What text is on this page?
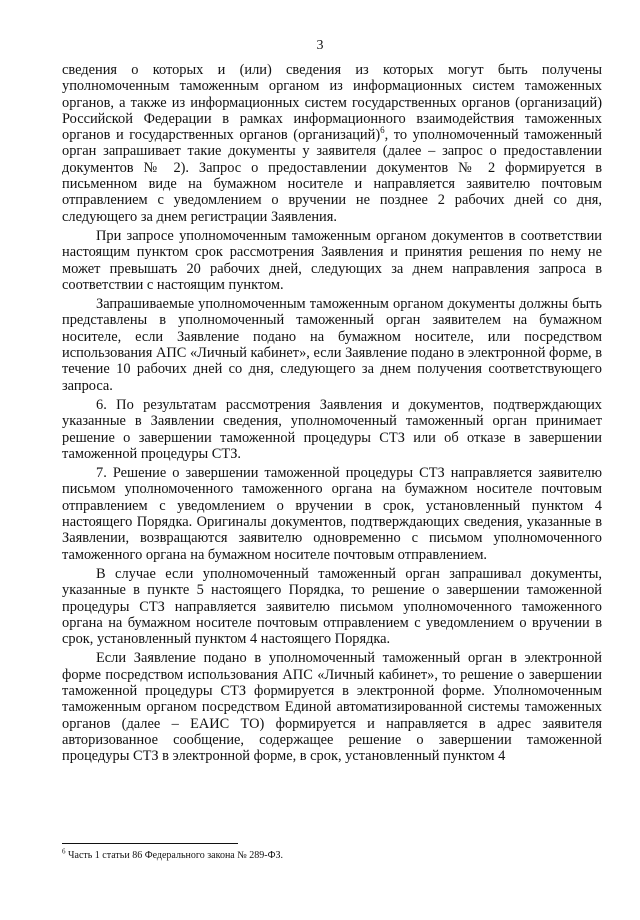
3

сведения о которых и (или) сведения из которых могут быть получены уполномоченным таможенным органом из информационных систем таможенных органов, а также из информационных систем государственных органов (организаций) Российской Федерации в рамках информационного взаимодействия таможенных органов и государственных органов (организаций)$^6$, то уполномоченный таможенный орган запрашивает такие документы у заявителя (далее – запрос о предоставлении документов № 2). Запрос о предоставлении документов № 2 формируется в письменном виде на бумажном носителе и направляется заявителю почтовым отправлением с уведомлением о вручении не позднее 2 рабочих дней со дня, следующего за днем регистрации Заявления.

При запросе уполномоченным таможенным органом документов в соответствии настоящим пунктом срок рассмотрения Заявления и принятия решения по нему не может превышать 20 рабочих дней, следующих за днем направления запроса в соответствии с настоящим пунктом.

Запрашиваемые уполномоченным таможенным органом документы должны быть представлены в уполномоченный таможенный орган заявителем на бумажном носителе, если Заявление подано на бумажном носителе, или посредством использования АПС «Личный кабинет», если Заявление подано в электронной форме, в течение 10 рабочих дней со дня, следующего за днем получения соответствующего запроса.

6. По результатам рассмотрения Заявления и документов, подтверждающих указанные в Заявлении сведения, уполномоченный таможенный орган принимает решение о завершении таможенной процедуры СТЗ или об отказе в завершении таможенной процедуры СТЗ.

7. Решение о завершении таможенной процедуры СТЗ направляется заявителю письмом уполномоченного таможенного органа на бумажном носителе почтовым отправлением с уведомлением о вручении в срок, установленный пунктом 4 настоящего Порядка. Оригиналы документов, подтверждающих сведения, указанные в Заявлении, возвращаются заявителю одновременно с письмом уполномоченного таможенного органа на бумажном носителе почтовым отправлением.

В случае если уполномоченный таможенный орган запрашивал документы, указанные в пункте 5 настоящего Порядка, то решение о завершении таможенной процедуры СТЗ направляется заявителю письмом уполномоченного таможенного органа на бумажном носителе почтовым отправлением с уведомлением о вручении в срок, установленный пунктом 4 настоящего Порядка.

Если Заявление подано в уполномоченный таможенный орган в электронной форме посредством использования АПС «Личный кабинет», то решение о завершении таможенной процедуры СТЗ формируется в электронной форме. Уполномоченным таможенным органом посредством Единой автоматизированной системы таможенных органов (далее – ЕАИС ТО) формируется и направляется в адрес заявителя авторизованное сообщение, содержащее решение о завершении таможенной процедуры СТЗ в электронной форме, в срок, установленный пунктом 4

$^6$ Часть 1 статьи 86 Федерального закона № 289-ФЗ.
